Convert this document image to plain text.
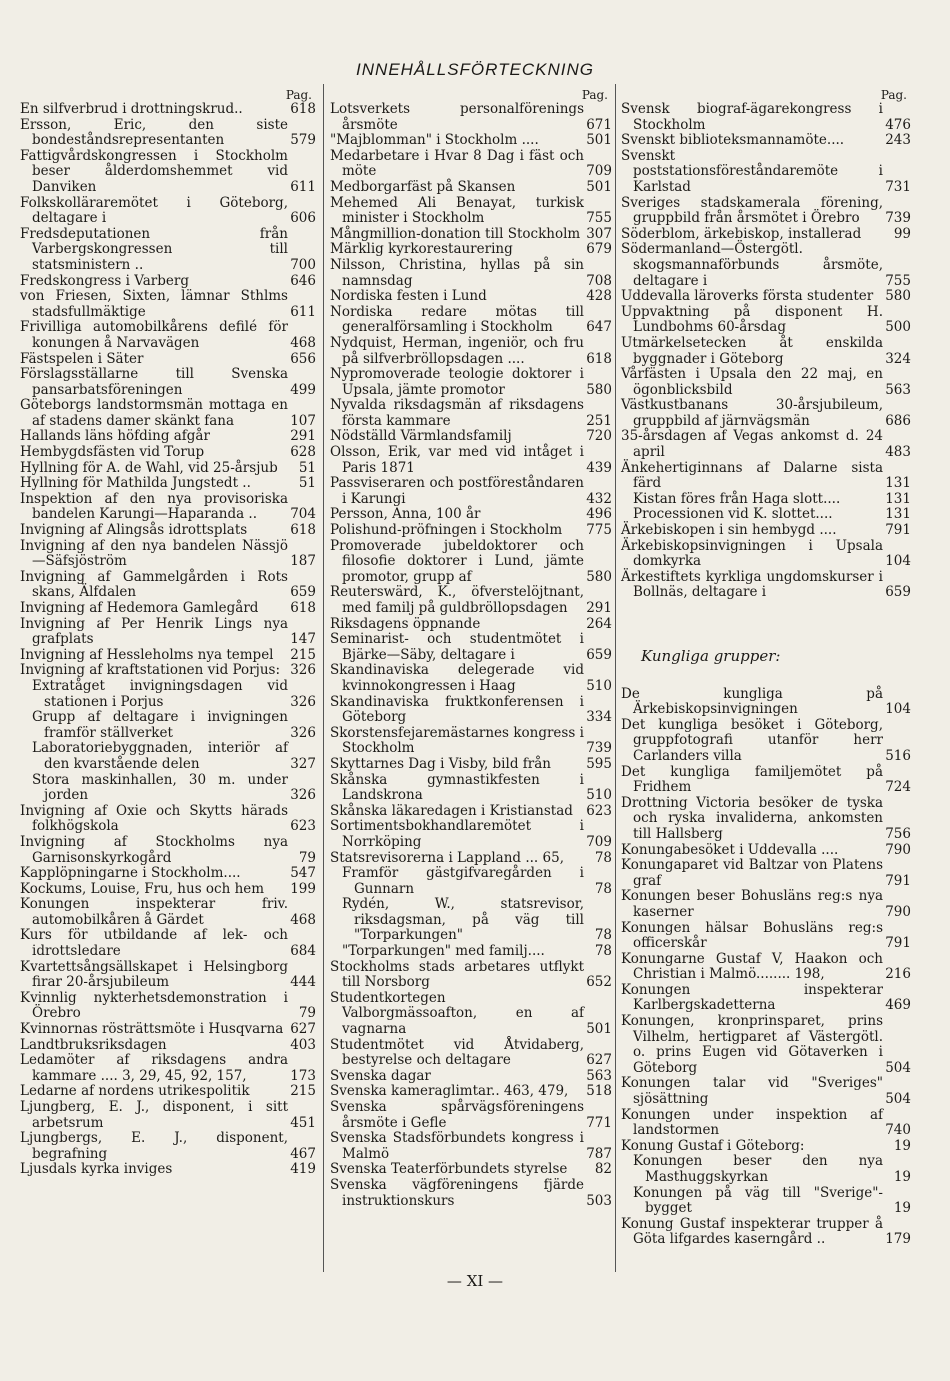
INNEHÅLLSFÖRTECKNING
Pag.
En silfverbrud i drottningskrud..	618
Ersson, Eric, den siste bondeståndsrepresentanten	579
Fattigvårdskongressen i Stockholm beser ålderdomshemmet vid Danviken	611
Folkskolläraremötet i Göteborg, deltagare i	606
Fredsdeputationen från Varbergskongressen till statsministern ..	700
Fredskongress i Varberg	646
von Friesen, Sixten, lämnar Sthlms stadsfullmäktige	611
Frivilliga automobilkårens defilé för konungen å Narvavägen	468
Fästspelen i Säter	656
Förslagsställarne till Svenska pansarbatsföreningen	499
Göteborgs landstormsmän mottaga en af stadens damer skänkt fana	107
Hallands läns höfding afgår	291
Hembygdsfästen vid Torup	628
Hyllning för A. de Wahl, vid 25-årsjub	51
Hyllning för Mathilda Jungstedt ..	51
Inspektion af den nya provisoriska bandelen Karungi—Haparanda ..	704
Invigning af Alingsås idrottsplats	618
Invigning af den nya bandelen Nässjö—Säfsjöström	187
Invigning af Gammelgården i Rots skans, Älfdalen	659
Invigning af Hedemora Gamlegård	618
Invigning af Per Henrik Lings nya grafplats	147
Invigning af Hessleholms nya tempel	215
Invigning af kraftstationen vid Porjus: 326
Extratåget invigningsdagen vid stationen i Porjus	326
Grupp af deltagare i invigningen framför ställverket	326
Laboratoriebyggnaden, interiör af den kvarstående delen	327
Stora maskinhallen, 30 m. under jorden	326
Invigning af Oxie och Skytts härads folkhögskola	623
Invigning af Stockholms nya Garnisonskyrkogård	79
Kapplöpningarne i Stockholm....	547
Kockums, Louise, Fru, hus och hem	199
Konungen inspekterar friv. automobilkåren å Gärdet	468
Kurs för utbildande af lek- och idrottsledare	684
Kvartettsångsällskapet i Helsingborg firar 20-årsjubileum	444
Kvinnlig nykterhetsdemonstration i Örebro	79
Kvinnornas rösträttsmöte i Husqvarna 627
Landtbruksriksdagen	403
Ledamöter af riksdagens andra kammare .... 3, 29, 45, 92, 157,	173
Ledarne af nordens utrikespolitik	215
Ljungberg, E. J., disponent, i sitt arbetsrum	451
Ljungbergs, E. J., disponent, begrafning	467
Ljusdals kyrka inviges	419
Pag.
Lotsverkets personalförenings årsmöte	671
"Majblomman" i Stockholm ....	501
Medarbetare i Hvar 8 Dag i fäst och möte	709
Medborgarfäst på Skansen	501
Mehemed Ali Benayat, turkisk minister i Stockholm	755
Mångmillion-donation till Stockholm 307
Märklig kyrkorestaurering	679
Nilsson, Christina, hyllas på sin namnsdag	708
Nordiska festen i Lund	428
Nordiska redare mötas till generalförsamling i Stockholm	647
Nydquist, Herman, ingeniör, och fru på silfverbröllopsdagen ....	618
Nypromoverade teologie doktorer i Upsala, jämte promotor	580
Nyvalda riksdagsmän af riksdagens första kammare	251
Nödställd Värmlandsfamilj	720
Olsson, Erik, var med vid intåget i Paris 1871	439
Passviseraren och postföreståndaren i Karungi	432
Persson, Anna, 100 år	496
Polishund-pröfningen i Stockholm	775
Promoverade jubeldoktorer och filosofie doktorer i Lund, jämte promotor, grupp af	580
Reuterswärd, K., öfverstelöjtnant, med familj på guldbröllopsdagen	291
Riksdagens öppnande	264
Seminarist- och studentmötet i Bjärke—Säby, deltagare i	659
Skandinaviska delegerade vid kvinnokongressen i Haag	510
Skandinaviska fruktkonferensen i Göteborg	334
Skorstensfejaremästarnes kongress i Stockholm	739
Skyttarnes Dag i Visby, bild från	595
Skånska gymnastikfesten i Landskrona	510
Skånska läkaredagen i Kristianstad 623
Sortimentsbokhandlaremötet i Norrköping	709
Statsrevisorerna i Lappland ... 65,	78
Framför gästgifvaregården i Gunnarn	78
Rydén, W., statsrevisor, riksdagsman, på väg till "Torparkungen"	78
"Torparkungen" med familj....	78
Stockholms stads arbetares utflykt till Norsborg	652
Studentkortegen Valborgmässoafton, en af vagnarna	501
Studentmötet vid Åtvidaberg, bestyrelse och deltagare	627
Svenska dagar	563
Svenska kameraglimtar.. 463, 479,	518
Svenska spårvägsföreningens årsmöte i Gefle	771
Svenska Stadsförbundets kongress i Malmö	787
Svenska Teaterförbundets styrelse	82
Svenska vägföreningens fjärde instruktionskurs	503
Pag.
Svensk biograf-ägarekongress i Stockholm	476
Svenskt biblioteksmannamöte....	243
Svenskt poststationsföreståndaremöte i Karlstad	731
Sveriges stadskamerala förening, gruppbild från årsmötet i Örebro	739
Söderblom, ärkebiskop, installerad	99
Södermanland—Östergötl. skogsmannaförbunds årsmöte, deltagare i	755
Uddevalla läroverks första studenter 580
Uppvaktning på disponent H. Lundbohms 60-årsdag	500
Utmärkelsetecken åt enskilda byggnader i Göteborg	324
Vårfästen i Upsala den 22 maj, en ögonblicksbild	563
Västkustbanans 30-årsjubileum, gruppbild af järnvägsmän	686
35-årsdagen af Vegas ankomst d. 24 april	483
Änkehertiginnans af Dalarne sista färd	131
Kistan föres från Haga slott....	131
Processionen vid K. slottet....	131
Ärkebiskopen i sin hembygd ....	791
Ärkebiskopsinvigningen i Upsala domkyrka	104
Ärkestiftets kyrkliga ungdomskurser i Bollnäs, deltagare i	659
Kungliga grupper:
De kungliga på Ärkebiskopsinvigningen	104
Det kungliga besöket i Göteborg, gruppfotografi utanför herr Carlanders villa	516
Det kungliga familjemötet på Fridhem	724
Drottning Victoria besöker de tyska och ryska invaliderna, ankomsten till Hallsberg	756
Konungabesöket i Uddevalla ....	790
Konungaparet vid Baltzar von Platens graf	791
Konungen beser Bohusläns reg:s nya kaserner	790
Konungen hälsar Bohusläns reg:s officerskår	791
Konungarne Gustaf V, Haakon och Christian i Malmö........ 198,	216
Konungen inspekterar Karlbergskadetterna	469
Konungen, kronprinsparet, prins Vilhelm, hertigparet af Västergötl. o. prins Eugen vid Götaverken i Göteborg	504
Konungen talar vid "Sveriges" sjösättning	504
Konungen under inspektion af landstormen	740
Konung Gustaf i Göteborg:	19
Konungen beser den nya Masthuggskyrkan	19
Konungen på väg till "Sverige"-bygget	19
Konung Gustaf inspekterar trupper å Göta lifgardes kaserngård ..	179
— XI —
